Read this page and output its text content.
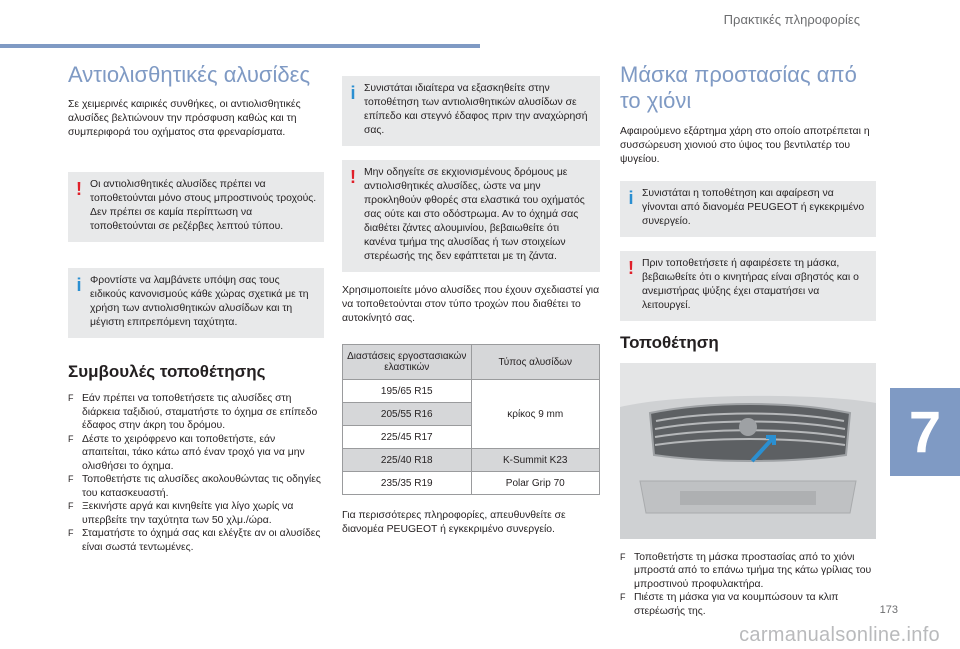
Πρακτικές πληροφορίες
Αντιολισθητικές αλυσίδες

Σε χειμερινές καιρικές συνθήκες, οι αντιολισθητικές αλυσίδες βελτιώνουν την πρόσφυση καθώς και τη συμπεριφορά του οχήματος στα φρεναρίσματα.

! Οι αντιολισθητικές αλυσίδες πρέπει να τοποθετούνται μόνο στους μπροστινούς τροχούς. Δεν πρέπει σε καμία περίπτωση να τοποθετούνται σε ρεζέρβες λεπτού τύπου.

i Φροντίστε να λαμβάνετε υπόψη σας τους ειδικούς κανονισμούς κάθε χώρας σχετικά με τη χρήση των αντιολισθητικών αλυσίδων και τη μέγιστη επιτρεπόμενη ταχύτητα.

Συμβουλές τοποθέτησης
F Εάν πρέπει να τοποθετήσετε τις αλυσίδες στη διάρκεια ταξιδιού, σταματήστε το όχημα σε επίπεδο έδαφος στην άκρη του δρόμου.
F Δέστε το χειρόφρενο και τοποθετήστε, εάν απαιτείται, τάκο κάτω από έναν τροχό για να μην ολισθήσει το όχημα.
F Τοποθετήστε τις αλυσίδες ακολουθώντας τις οδηγίες του κατασκευαστή.
F Ξεκινήστε αργά και κινηθείτε για λίγο χωρίς να υπερβείτε την ταχύτητα των 50 χλμ./ώρα.
F Σταματήστε το όχημά σας και ελέγξτε αν οι αλυσίδες είναι σωστά τεντωμένες.
i Συνιστάται ιδιαίτερα να εξασκηθείτε στην τοποθέτηση των αντιολισθητικών αλυσίδων σε επίπεδο και στεγνό έδαφος πριν την αναχώρησή σας.

! Μην οδηγείτε σε εκχιονισμένους δρόμους με αντιολισθητικές αλυσίδες, ώστε να μην προκληθούν φθορές στα ελαστικά του οχήματός σας ούτε και στο οδόστρωμα. Αν το όχημά σας διαθέτει ζάντες αλουμινίου, βεβαιωθείτε ότι κανένα τμήμα της αλυσίδας ή των στοιχείων στερέωσής της δεν εφάπτεται με τη ζάντα.

Χρησιμοποιείτε μόνο αλυσίδες που έχουν σχεδιαστεί για να τοποθετούνται στον τύπο τροχών που διαθέτει το αυτοκίνητό σας.

Διαστάσεις εργοστασιακών ελαστικών	Τύπος αλυσίδων
195/65 R15	κρίκος 9 mm
205/55 R16	
225/45 R17	
225/40 R18	K-Summit K23
235/35 R19	Polar Grip 70

Για περισσότερες πληροφορίες, απευθυνθείτε σε διανομέα PEUGEOT ή εγκεκριμένο συνεργείο.

Μάσκα προστασίας από το χιόνι

Αφαιρούμενο εξάρτημα χάρη στο οποίο αποτρέπεται η συσσώρευση χιονιού στο ύψος του βεντιλατέρ του ψυγείου.

i Συνιστάται η τοποθέτηση και αφαίρεση να γίνονται από διανομέα PEUGEOT ή εγκεκριμένο συνεργείο.

! Πριν τοποθετήσετε ή αφαιρέσετε τη μάσκα, βεβαιωθείτε ότι ο κινητήρας είναι σβηστός και ο ανεμιστήρας ψύξης έχει σταματήσει να λειτουργεί.

Τοποθέτηση
F Τοποθετήστε τη μάσκα προστασίας από το χιόνι μπροστά από το επάνω τμήμα της κάτω γρίλιας του μπροστινού προφυλακτήρα.
F Πιέστε τη μάσκα για να κουμπώσουν τα κλιπ στερέωσής της.
7
173
carmanualsonline.info
